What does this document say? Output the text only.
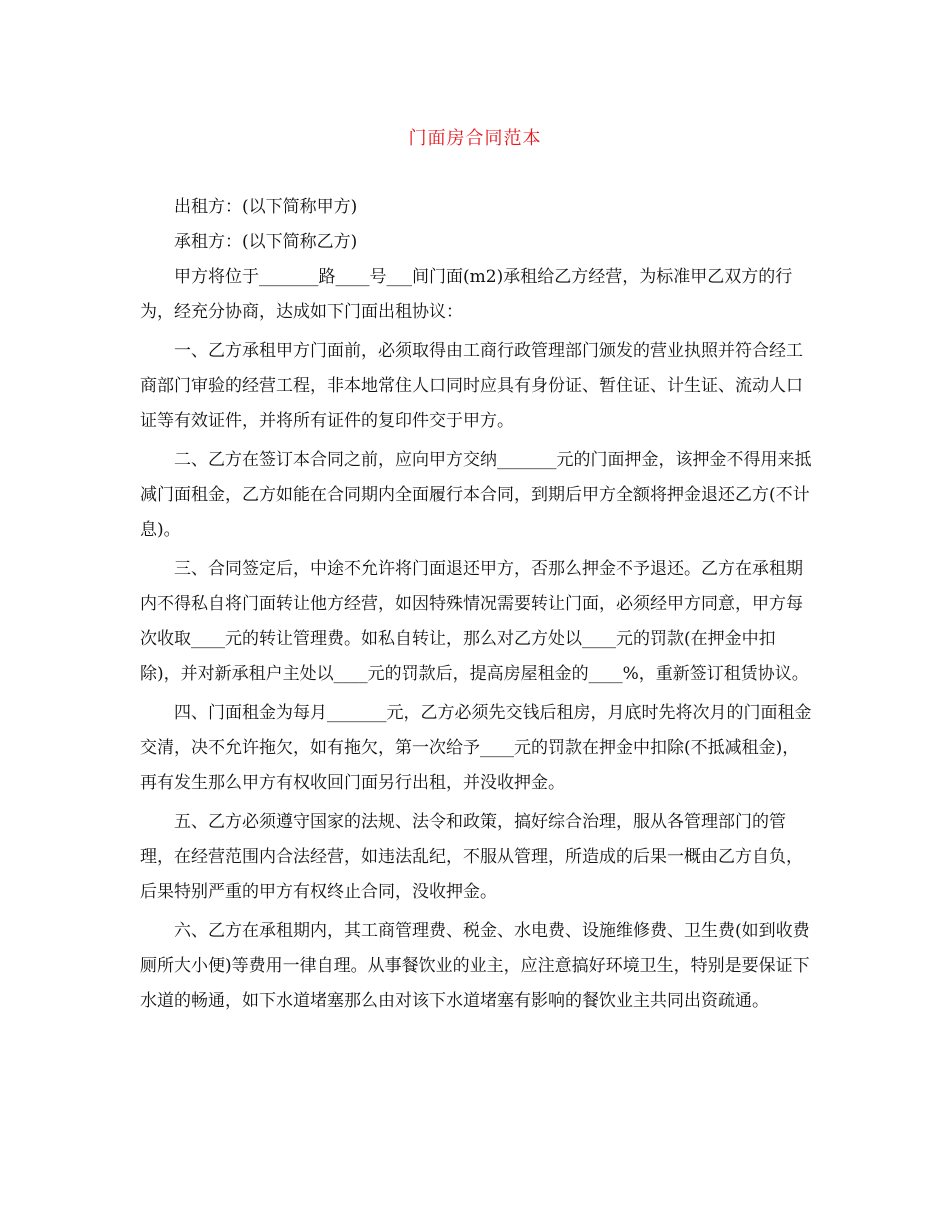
门面房合同范本

出租方：(以下简称甲方)

承租方：(以下简称乙方)

甲方将位于_______路____号___间门面(m2)承租给乙方经营，为标准甲乙双方的行为，经充分协商，达成如下门面出租协议：

一、乙方承租甲方门面前，必须取得由工商行政管理部门颁发的营业执照并符合经工商部门审验的经营工程，非本地常住人口同时应具有身份证、暂住证、计生证、流动人口证等有效证件，并将所有证件的复印件交于甲方。

二、乙方在签订本合同之前，应向甲方交纳_______元的门面押金，该押金不得用来抵减门面租金，乙方如能在合同期内全面履行本合同，到期后甲方全额将押金退还乙方(不计息)。

三、合同签定后，中途不允许将门面退还甲方，否那么押金不予退还。乙方在承租期内不得私自将门面转让他方经营，如因特殊情况需要转让门面，必须经甲方同意，甲方每次收取____元的转让管理费。如私自转让，那么对乙方处以____元的罚款(在押金中扣除)，并对新承租户主处以____元的罚款后，提高房屋租金的____%，重新签订租赁协议。

四、门面租金为每月_______元，乙方必须先交钱后租房，月底时先将次月的门面租金交清，决不允许拖欠，如有拖欠，第一次给予____元的罚款在押金中扣除(不抵减租金)，再有发生那么甲方有权收回门面另行出租，并没收押金。

五、乙方必须遵守国家的法规、法令和政策，搞好综合治理，服从各管理部门的管理，在经营范围内合法经营，如违法乱纪，不服从管理，所造成的后果一概由乙方自负，后果特别严重的甲方有权终止合同，没收押金。

六、乙方在承租期内，其工商管理费、税金、水电费、设施维修费、卫生费(如到收费厕所大小便)等费用一律自理。从事餐饮业的业主，应注意搞好环境卫生，特别是要保证下水道的畅通，如下水道堵塞那么由对该下水道堵塞有影响的餐饮业主共同出资疏通。
